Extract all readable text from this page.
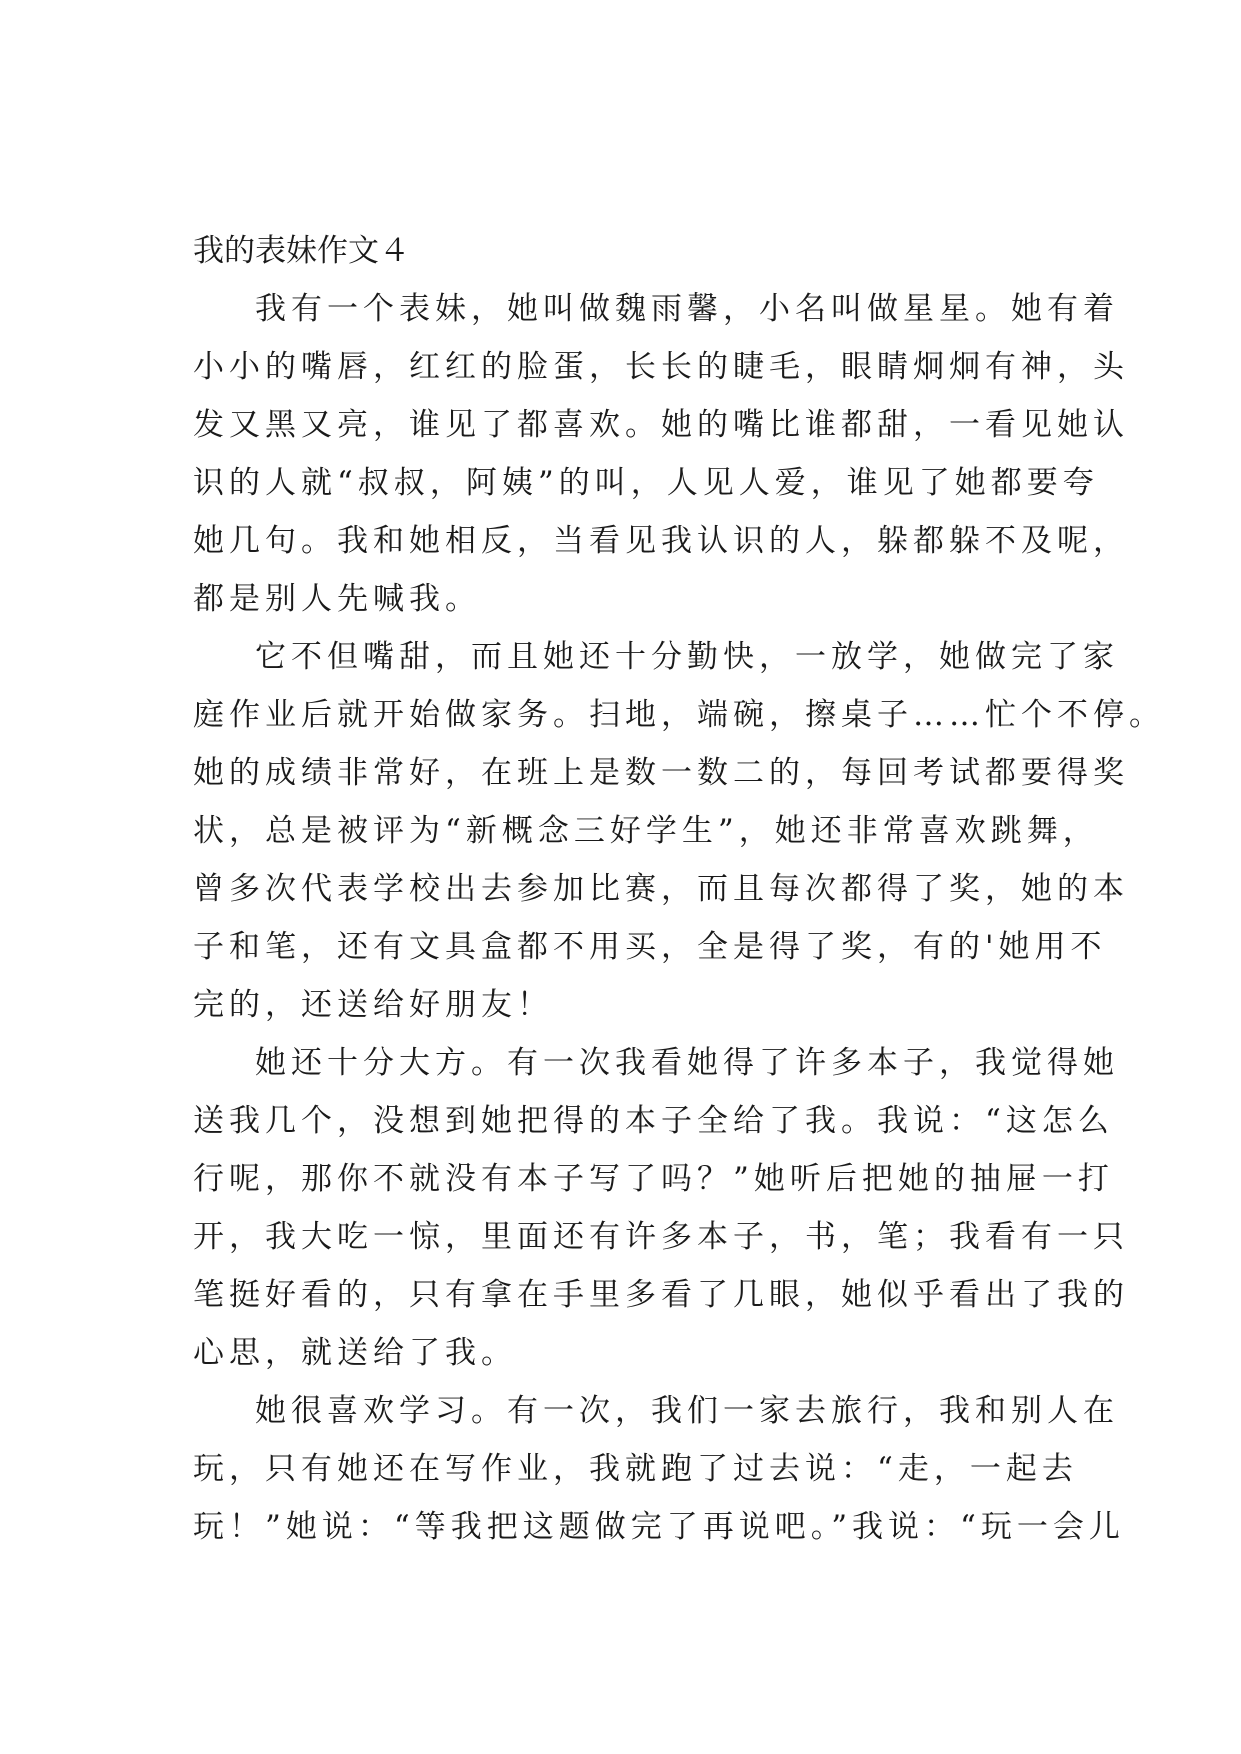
我的表妹作文４
我有一个表妹，她叫做魏雨馨，小名叫做星星。她有着
小小的嘴唇，红红的脸蛋，长长的睫毛，眼睛炯炯有神，头
发又黑又亮，谁见了都喜欢。她的嘴比谁都甜，一看见她认
识的人就“叔叔，阿姨”的叫，人见人爱，谁见了她都要夸
她几句。我和她相反，当看见我认识的人，躲都躲不及呢，
都是别人先喊我。
它不但嘴甜，而且她还十分勤快，一放学，她做完了家
庭作业后就开始做家务。扫地，端碗，擦桌子……忙个不停。
她的成绩非常好，在班上是数一数二的，每回考试都要得奖
状，总是被评为“新概念三好学生”，她还非常喜欢跳舞，
曾多次代表学校出去参加比赛，而且每次都得了奖，她的本
子和笔，还有文具盒都不用买，全是得了奖，有的'她用不
完的，还送给好朋友！
她还十分大方。有一次我看她得了许多本子，我觉得她
送我几个，没想到她把得的本子全给了我。我说：“这怎么
行呢，那你不就没有本子写了吗？”她听后把她的抽屉一打
开，我大吃一惊，里面还有许多本子，书，笔；我看有一只
笔挺好看的，只有拿在手里多看了几眼，她似乎看出了我的
心思，就送给了我。
她很喜欢学习。有一次，我们一家去旅行，我和别人在
玩，只有她还在写作业，我就跑了过去说：“走，一起去
玩！”她说：“等我把这题做完了再说吧。”我说：“玩一会儿
